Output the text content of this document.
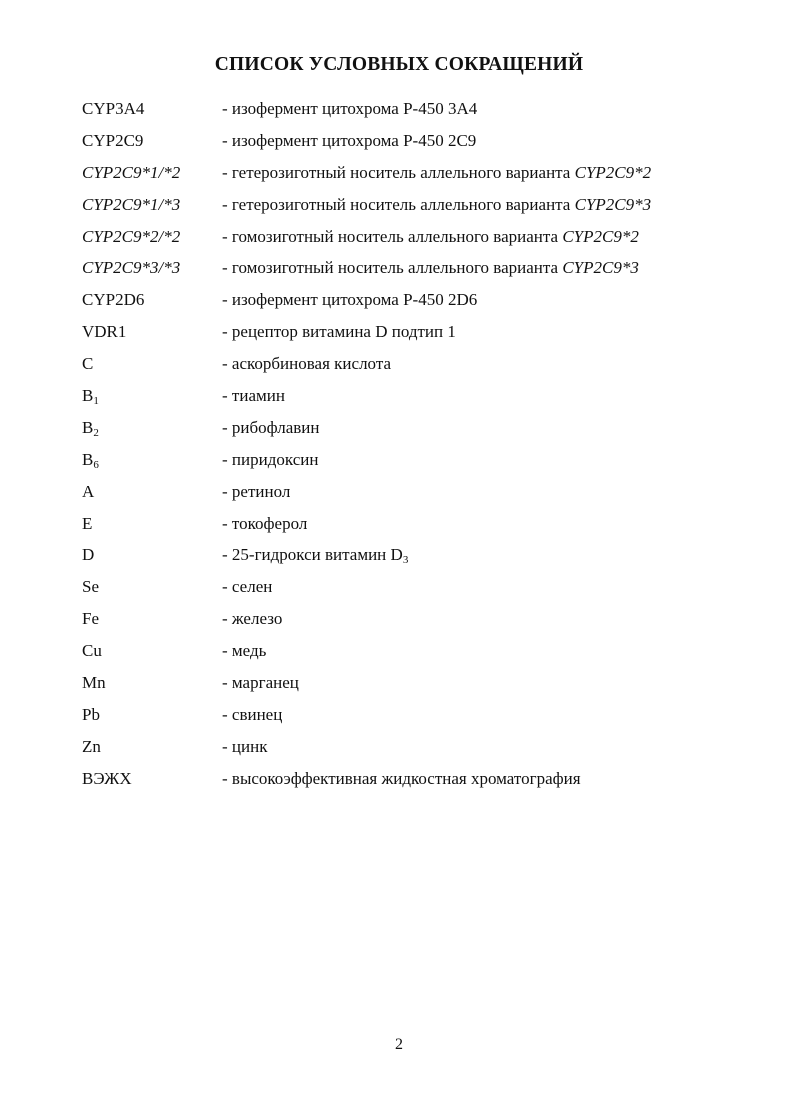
СПИСОК УСЛОВНЫХ СОКРАЩЕНИЙ
CYP3A4	- изофермент цитохрома Р-450 3А4
CYP2C9	- изофермент цитохрома Р-450 2С9
CYP2C9*1/*2 - гетерозиготный носитель аллельного варианта CYP2C9*2
CYP2C9*1/*3 - гетерозиготный носитель аллельного варианта CYP2C9*3
CYP2C9*2/*2 - гомозиготный носитель аллельного варианта CYP2C9*2
CYP2C9*3/*3 - гомозиготный носитель аллельного варианта CYP2C9*3
CYP2D6	- изофермент цитохрома Р-450 2D6
VDR1	- рецептор витамина D подтип 1
C	- аскорбиновая кислота
$B_1$	- тиамин
$B_2$	- рибофлавин
$B_6$	- пиридоксин
A	- ретинол
E	- токоферол
D	- 25-гидрокси витамин $D_3$
Se	- селен
Fe	- железо
Cu	- медь
Mn	- марганец
Pb	- свинец
Zn	- цинк
ВЭЖХ	- высокоэффективная жидкостная хроматография
2
